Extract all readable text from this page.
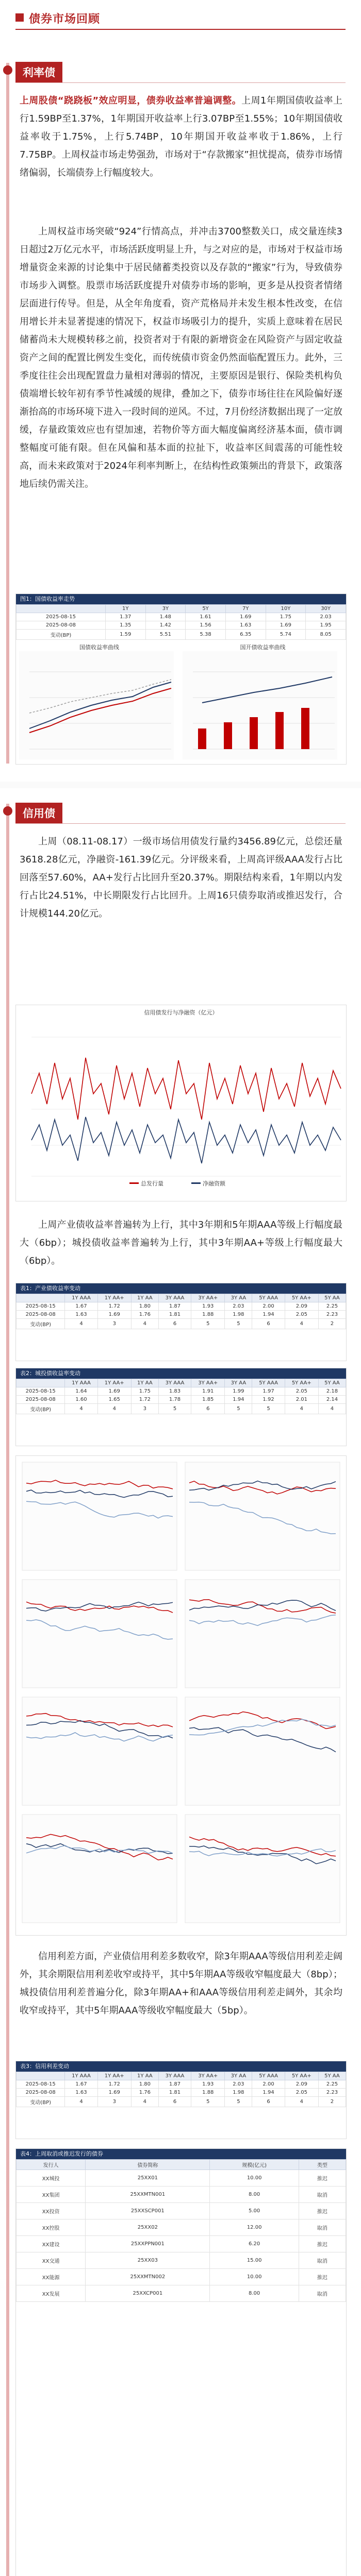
债券市场回顾
利率债

上周股债“跷跷板”效应明显，债券收益率普遍调整。上周1年期国债收益率上行1.59BP至1.37%，1年期国开收益率上行3.07BP至1.55%；10年期国债收益率收于1.75%，上行5.74BP，10年期国开收益率收于1.86%，上行7.75BP。上周权益市场走势强劲，市场对于“存款搬家”担忧提高，债券市场情绪偏弱，长端债券上行幅度较大。

上周权益市场突破“924”行情高点，并冲击3700整数关口，成交量连续3日超过2万亿元水平，市场活跃度明显上升，与之对应的是，市场对于权益市场增量资金来源的讨论集中于居民储蓄类投资以及存款的“搬家”行为，导致债券市场步入调整。股票市场活跃度提升对债券市场的影响，更多是从投资者情绪层面进行传导。但是，从全年角度看，资产荒格局并未发生根本性改变，在信用增长并未显著提速的情况下，权益市场吸引力的提升，实质上意味着在居民储蓄尚未大规模转移之前，投资者对于有限的新增资金在风险资产与固定收益资产之间的配置比例发生变化，而传统债市资金仍然面临配置压力。此外，三季度往往会出现配置盘力量相对薄弱的情况，主要原因是银行、保险类机构负债端增长较年初有季节性减缓的规律，叠加之下，债券市场往往在风险偏好逐渐抬高的市场环境下进入一段时间的逆风。不过，7月份经济数据出现了一定放缓，存量政策效应也有望加速，若物价等方面大幅度偏离经济基本面，债市调整幅度可能有限。但在风偏和基本面的拉扯下，收益率区间震荡的可能性较高，而未来政策对于2024年利率判断上，在结构性政策频出的背景下，政策落地后续仍需关注。

图1：国债收益率走势
	1Y	3Y	5Y	7Y	10Y	30Y
2025-08-15	1.37	1.48	1.61	1.69	1.75	2.03
2025-08-08	1.35	1.42	1.56	1.63	1.69	1.95
变动(BP)	1.59	5.51	5.38	6.35	5.74	8.05
国债收益率曲线	国开债收益率曲线
信用债

上周（08.11-08.17）一级市场信用债发行量约3456.89亿元，总偿还量3618.28亿元，净融资-161.39亿元。分评级来看，上周高评级AAA发行占比回落至57.60%，AA+发行占比回升至20.37%。期限结构来看，1年期以内发行占比24.51%，中长期限发行占比回升。上周16只债券取消或推迟发行，合计规模144.20亿元。

信用债发行与净融资（亿元）
总发行量	净融资额

上周产业债收益率普遍转为上行，其中3年期和5年期AAA等级上行幅度最大（6bp）；城投债收益率普遍转为上行，其中3年期AA+等级上行幅度最大（6bp）。

表1：产业债收益率变动
	1Y AAA	1Y AA+	1Y AA	3Y AAA	3Y AA+	3Y AA	5Y AAA	5Y AA+	5Y AA
2025-08-15	1.67	1.72	1.80	1.87	1.93	2.03	2.00	2.09	2.25
2025-08-08	1.63	1.69	1.76	1.81	1.88	1.98	1.94	2.05	2.23
变动(BP)	4	3	4	6	5	5	6	4	2
表2：城投债收益率变动
	1Y AAA	1Y AA+	1Y AA	3Y AAA	3Y AA+	3Y AA	5Y AAA	5Y AA+	5Y AA
2025-08-15	1.64	1.69	1.75	1.83	1.91	1.99	1.97	2.05	2.18
2025-08-08	1.60	1.65	1.72	1.78	1.85	1.94	1.92	2.01	2.14
变动(BP)	4	4	3	5	6	5	5	4	4

信用利差方面，产业债信用利差多数收窄，除3年期AAA等级信用利差走阔外，其余期限信用利差收窄或持平，其中5年期AA等级收窄幅度最大（8bp）；城投债信用利差普遍分化，除3年期AA+和AAA等级信用利差走阔外，其余均收窄或持平，其中5年期AAA等级收窄幅度最大（5bp）。

表3：信用利差变动
	1Y AAA	1Y AA+	1Y AA	3Y AAA	3Y AA+	3Y AA	5Y AAA	5Y AA+	5Y AA
2025-08-15	1.67	1.72	1.80	1.87	1.93	2.03	2.00	2.09	2.25
2025-08-08	1.63	1.69	1.76	1.81	1.88	1.98	1.94	2.05	2.23
变动(BP)	4	3	4	6	5	5	6	4	2
表4：上周取消或推迟发行的债券
发行人	债券简称	规模(亿元)	类型
XX城投	25XX01	10.00	推迟
XX集团	25XXMTN001	8.00	取消
XX投资	25XXSCP001	5.00	推迟
XX控股	25XX02	12.00	取消
XX建设	25XXPPN001	6.20	推迟
XX交通	25XX03	15.00	取消
XX能源	25XXMTN002	10.00	推迟
XX发展	25XXCP001	8.00	取消
